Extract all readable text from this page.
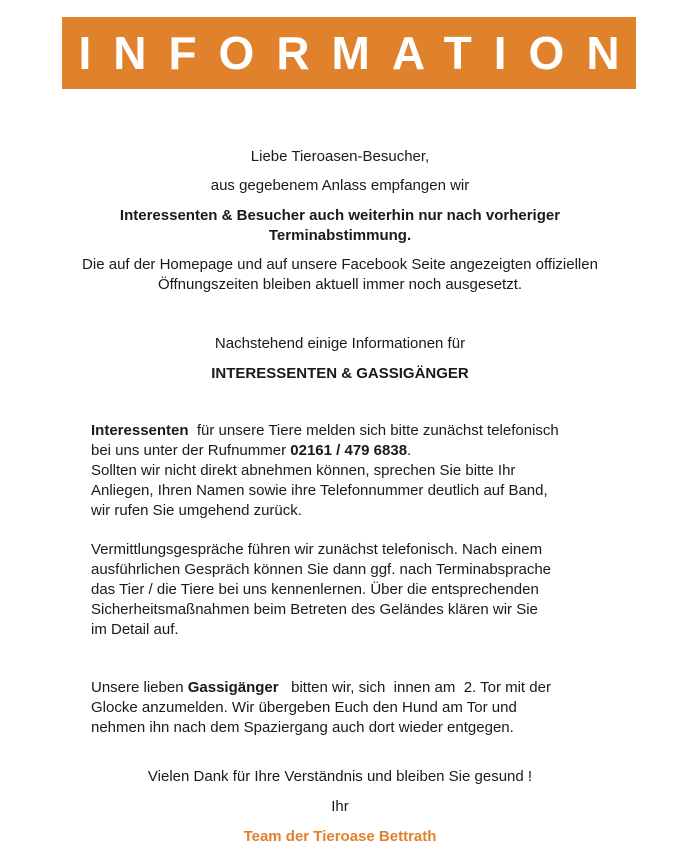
INFORMATION
Liebe Tieroasen-Besucher,
aus gegebenem Anlass empfangen wir
Interessenten & Besucher auch weiterhin nur nach vorheriger
Terminabstimmung.
Die auf der Homepage und auf unsere Facebook Seite angezeigten offiziellen
Öffnungszeiten bleiben aktuell immer noch ausgesetzt.
Nachstehend einige Informationen für
INTERESSENTEN & GASSIGÄNGER

Interessenten  für unsere Tiere melden sich bitte zunächst telefonisch

bei uns unter der Rufnummer 02161 / 479 6838.

Sollten wir nicht direkt abnehmen können, sprechen Sie bitte Ihr

Anliegen, Ihren Namen sowie ihre Telefonnummer deutlich auf Band,

wir rufen Sie umgehend zurück.

Vermittlungsgespräche führen wir zunächst telefonisch. Nach einem

ausführlichen Gespräch können Sie dann ggf. nach Terminabsprache

das Tier / die Tiere bei uns kennenlernen. Über die entsprechenden

Sicherheitsmaßnahmen beim Betreten des Geländes klären wir Sie

im Detail auf.

Unsere lieben Gassigänger   bitten wir, sich  innen am  2. Tor mit der

Glocke anzumelden. Wir übergeben Euch den Hund am Tor und

nehmen ihn nach dem Spaziergang auch dort wieder entgegen.

Vielen Dank für Ihre Verständnis und bleiben Sie gesund !
Ihr
Team der Tieroase Bettrath
